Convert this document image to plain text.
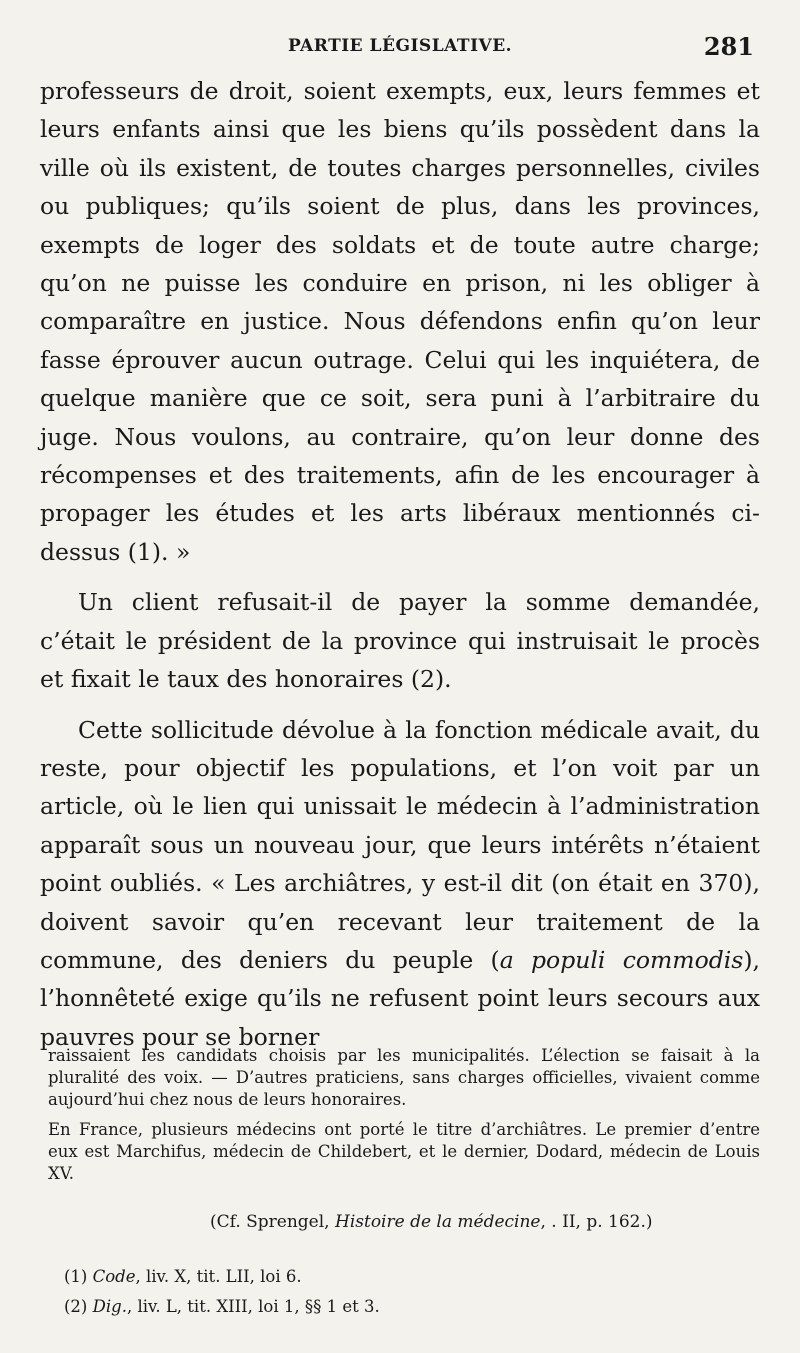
PARTIE LÉGISLATIVE.	281

professeurs de droit, soient exempts, eux, leurs femmes et leurs enfants ainsi que les biens qu’ils possèdent dans la ville où ils existent, de toutes charges personnelles, civiles ou publiques; qu’ils soient de plus, dans les provinces, exempts de loger des soldats et de toute autre charge; qu’on ne puisse les conduire en prison, ni les obliger à comparaître en justice. Nous défendons enfin qu’on leur fasse éprouver aucun outrage. Celui qui les inquiétera, de quelque manière que ce soit, sera puni à l’arbitraire du juge. Nous voulons, au contraire, qu’on leur donne des récompenses et des traitements, afin de les encourager à propager les études et les arts libéraux mentionnés ci-dessus (1). »

Un client refusait-il de payer la somme demandée, c’était le président de la province qui instruisait le procès et fixait le taux des honoraires (2).

Cette sollicitude dévolue à la fonction médicale avait, du reste, pour objectif les populations, et l’on voit par un article, où le lien qui unissait le médecin à l’administration apparaît sous un nouveau jour, que leurs intérêts n’étaient point oubliés. « Les archiâtres, y est-il dit (on était en 370), doivent savoir qu’en recevant leur traitement de la commune, des deniers du peuple (a populi commodis), l’honnêteté exige qu’ils ne refusent point leurs secours aux pauvres pour se borner

raissaient les candidats choisis par les municipalités. L’élection se faisait à la pluralité des voix. — D’autres praticiens, sans charges officielles, vivaient comme aujourd’hui chez nous de leurs honoraires.

En France, plusieurs médecins ont porté le titre d’archiâtres. Le premier d’entre eux est Marchifus, médecin de Childebert, et le dernier, Dodard, médecin de Louis XV.

(Cf. Sprengel, Histoire de la médecine, . II, p. 162.)

(1) Code, liv. X, tit. LII, loi 6.

(2) Dig., liv. L, tit. XIII, loi 1, §§ 1 et 3.
